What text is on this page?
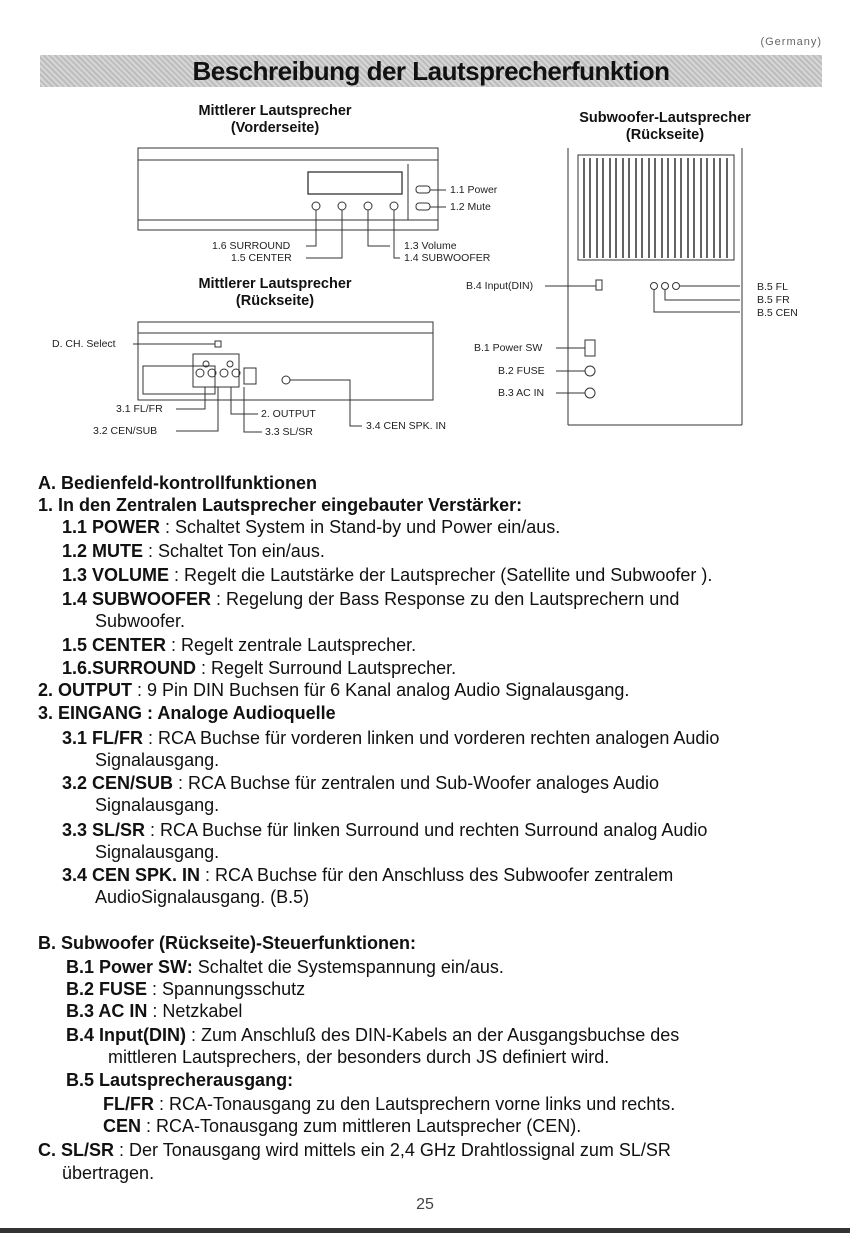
(Germany)
Beschreibung der Lautsprecherfunktion
Mittlerer Lautsprecher
(Vorderseite)
Mittlerer Lautsprecher
(Rückseite)
Subwoofer-Lautsprecher
(Rückseite)
1.1 Power
1.2 Mute
1.3 Volume
1.4 SUBWOOFER
1.6 SURROUND
1.5 CENTER
D. CH. Select
3.1 FL/FR
3.2 CEN/SUB
2. OUTPUT
3.3 SL/SR	3.4 CEN SPK. IN
B.4 Input(DIN)
B.1 Power SW
B.2 FUSE
B.3 AC IN
B.5 FL
B.5 FR
B.5 CEN
A. Bedienfeld-kontrollfunktionen
1. In den Zentralen Lautsprecher eingebauter Verstärker:
1.1 POWER : Schaltet System in Stand-by und Power ein/aus.
1.2 MUTE : Schaltet Ton ein/aus.
1.3 VOLUME : Regelt die Lautstärke der Lautsprecher (Satellite und Subwoofer ).
1.4 SUBWOOFER : Regelung der Bass Response zu den Lautsprechern und
Subwoofer.
1.5 CENTER : Regelt zentrale Lautsprecher.
1.6.SURROUND : Regelt Surround Lautsprecher.
2. OUTPUT : 9 Pin DIN Buchsen für 6 Kanal analog Audio Signalausgang.
3. EINGANG : Analoge Audioquelle
3.1 FL/FR : RCA Buchse für vorderen linken und vorderen rechten analogen Audio
Signalausgang.
3.2 CEN/SUB : RCA Buchse für zentralen und Sub-Woofer analoges Audio
Signalausgang.
3.3 SL/SR : RCA Buchse für linken Surround und rechten Surround analog Audio
Signalausgang.
3.4 CEN SPK. IN : RCA Buchse für den Anschluss des Subwoofer zentralem
AudioSignalausgang. (B.5)
B. Subwoofer (Rückseite)-Steuerfunktionen:
B.1 Power SW: Schaltet die Systemspannung ein/aus.
B.2 FUSE : Spannungsschutz
B.3 AC IN : Netzkabel
B.4 Input(DIN) : Zum Anschluß des DIN-Kabels an der Ausgangsbuchse des
mittleren Lautsprechers, der besonders durch JS definiert wird.
B.5 Lautsprecherausgang:
FL/FR : RCA-Tonausgang zu den Lautsprechern vorne links und rechts.
CEN : RCA-Tonausgang zum mittleren Lautsprecher (CEN).
C. SL/SR : Der Tonausgang wird mittels ein 2,4 GHz Drahtlossignal zum SL/SR
übertragen.
25
